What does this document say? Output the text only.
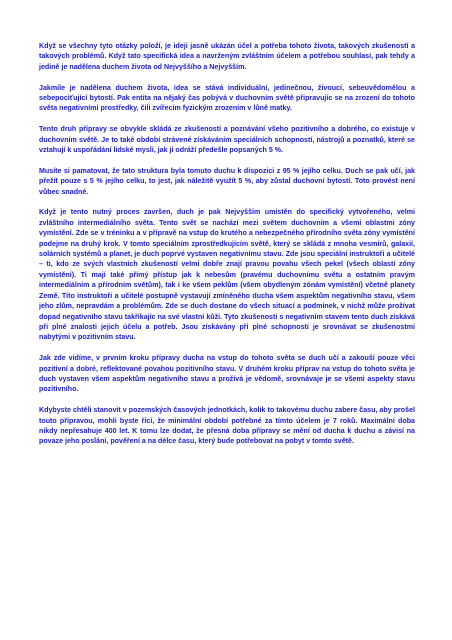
Když se všechny tyto otázky položí, je ideji jasně ukázán účel a potřeba tohoto života, takových zkušeností a takových problémů. Když tato specifická idea a navrženým zvláštním účelem a potřebou souhlasí, pak tehdy a jedině je nadělena duchem života od Nejvyššího a Nejvyšším.

Jakmile je nadělena duchem života, idea se stává individuální, jedinečnou, živoucí, sebeuvědomělou a sebepociťující bytostí. Pak entita na nějaký čas pobývá v duchovním světě připravujíc se na zrození do tohoto světa negativními prostředky, čili zvířecím fyzickým zrozením v lůně matky.

Tento druh přípravy se obvykle skládá ze zkušeností a poznávání všeho pozitivního a dobrého, co existuje v duchovním světě. Je to také období strávené získáváním speciálních schopností, nástrojů a poznatků, které se vztahují k uspořádání lidské mysli, jak ji odráží předešle popsaných 5 %.

Musíte si pamatovat, že tato struktura byla tomuto duchu k dispozici z 95 % jejího celku. Duch se pak učí, jak přežít pouze s 5 % jejího celku, to jest, jak náležitě využít 5 %, aby zůstal duchovní bytostí. Toto provést není vůbec snadné.

Když je tento nutný proces završen, duch je pak Nejvyšším umístěn do specifický vytvořeného, velmi zvláštního intermediálního světa. Tento svět se nachází mezi světem duchovním a všemi oblastmi zóny vymístění. Zde se v tréninku a v přípravě na vstup do krutého a nebezpečného přírodního světa zóny vymístění podejme na druhý krok. V tomto speciálním zprostředkujícím světě, který se skládá z mnoha vesmírů, galaxií, solárních systémů a planet, je duch poprvé vystaven negativnímu stavu. Zde jsou speciální instruktoři a učitelé – ti, kdo ze svých vlastních zkušeností velmi dobře znají pravou povahu všech pekel (všech oblastí zóny vymístění). Ti mají také přímý přístup jak k nebesům (pravému duchovnímu světu a ostatním pravým intermediálním a přírodním světům), tak i ke všem peklům (všem obydleným zónám vymístění) včetně planety Země. Tito instruktoři a učitelé postupně vystavují zmíněného ducha všem aspektům negativního stavu, všem jeho zlům, nepravdám a problémům. Zde se duch dostane do všech situací a podmínek, v nichž může prožívat dopad negativního stavu takřikajíc na své vlastní kůži. Tyto zkušenosti s negativním stavem tento duch získává při plné znalosti jejich účelu a potřeb. Jsou získávány při plné schopnosti je srovnávat se zkušenostmi nabytými v pozitivním stavu.

Jak zde vidíme, v prvním kroku přípravy ducha na vstup do tohoto světa se duch učí a zakouší pouze věci pozitivní a dobré, reflektované povahou pozitivního stavu. V druhém kroku příprav na vstup do tohoto světa je duch vystaven všem aspektům negativního stavu a prožívá je vědomě, srovnávaje je se všemi aspekty stavu pozitivního.

Kdybyste chtěli stanovit v pozemských časových jednotkách, kolik to takovému duchu zabere času, aby prošel touto přípravou, mohli byste říci, že minimální období potřebné za tímto účelem je 7 roků. Maximální doba nikdy nepřesahuje 400 let. K tomu lze dodat, že přesná doba přípravy se mění od ducha k duchu a závisí na povaze jeho poslání, pověření a na délce času, který bude potřebovat na pobyt v tomto světě.
